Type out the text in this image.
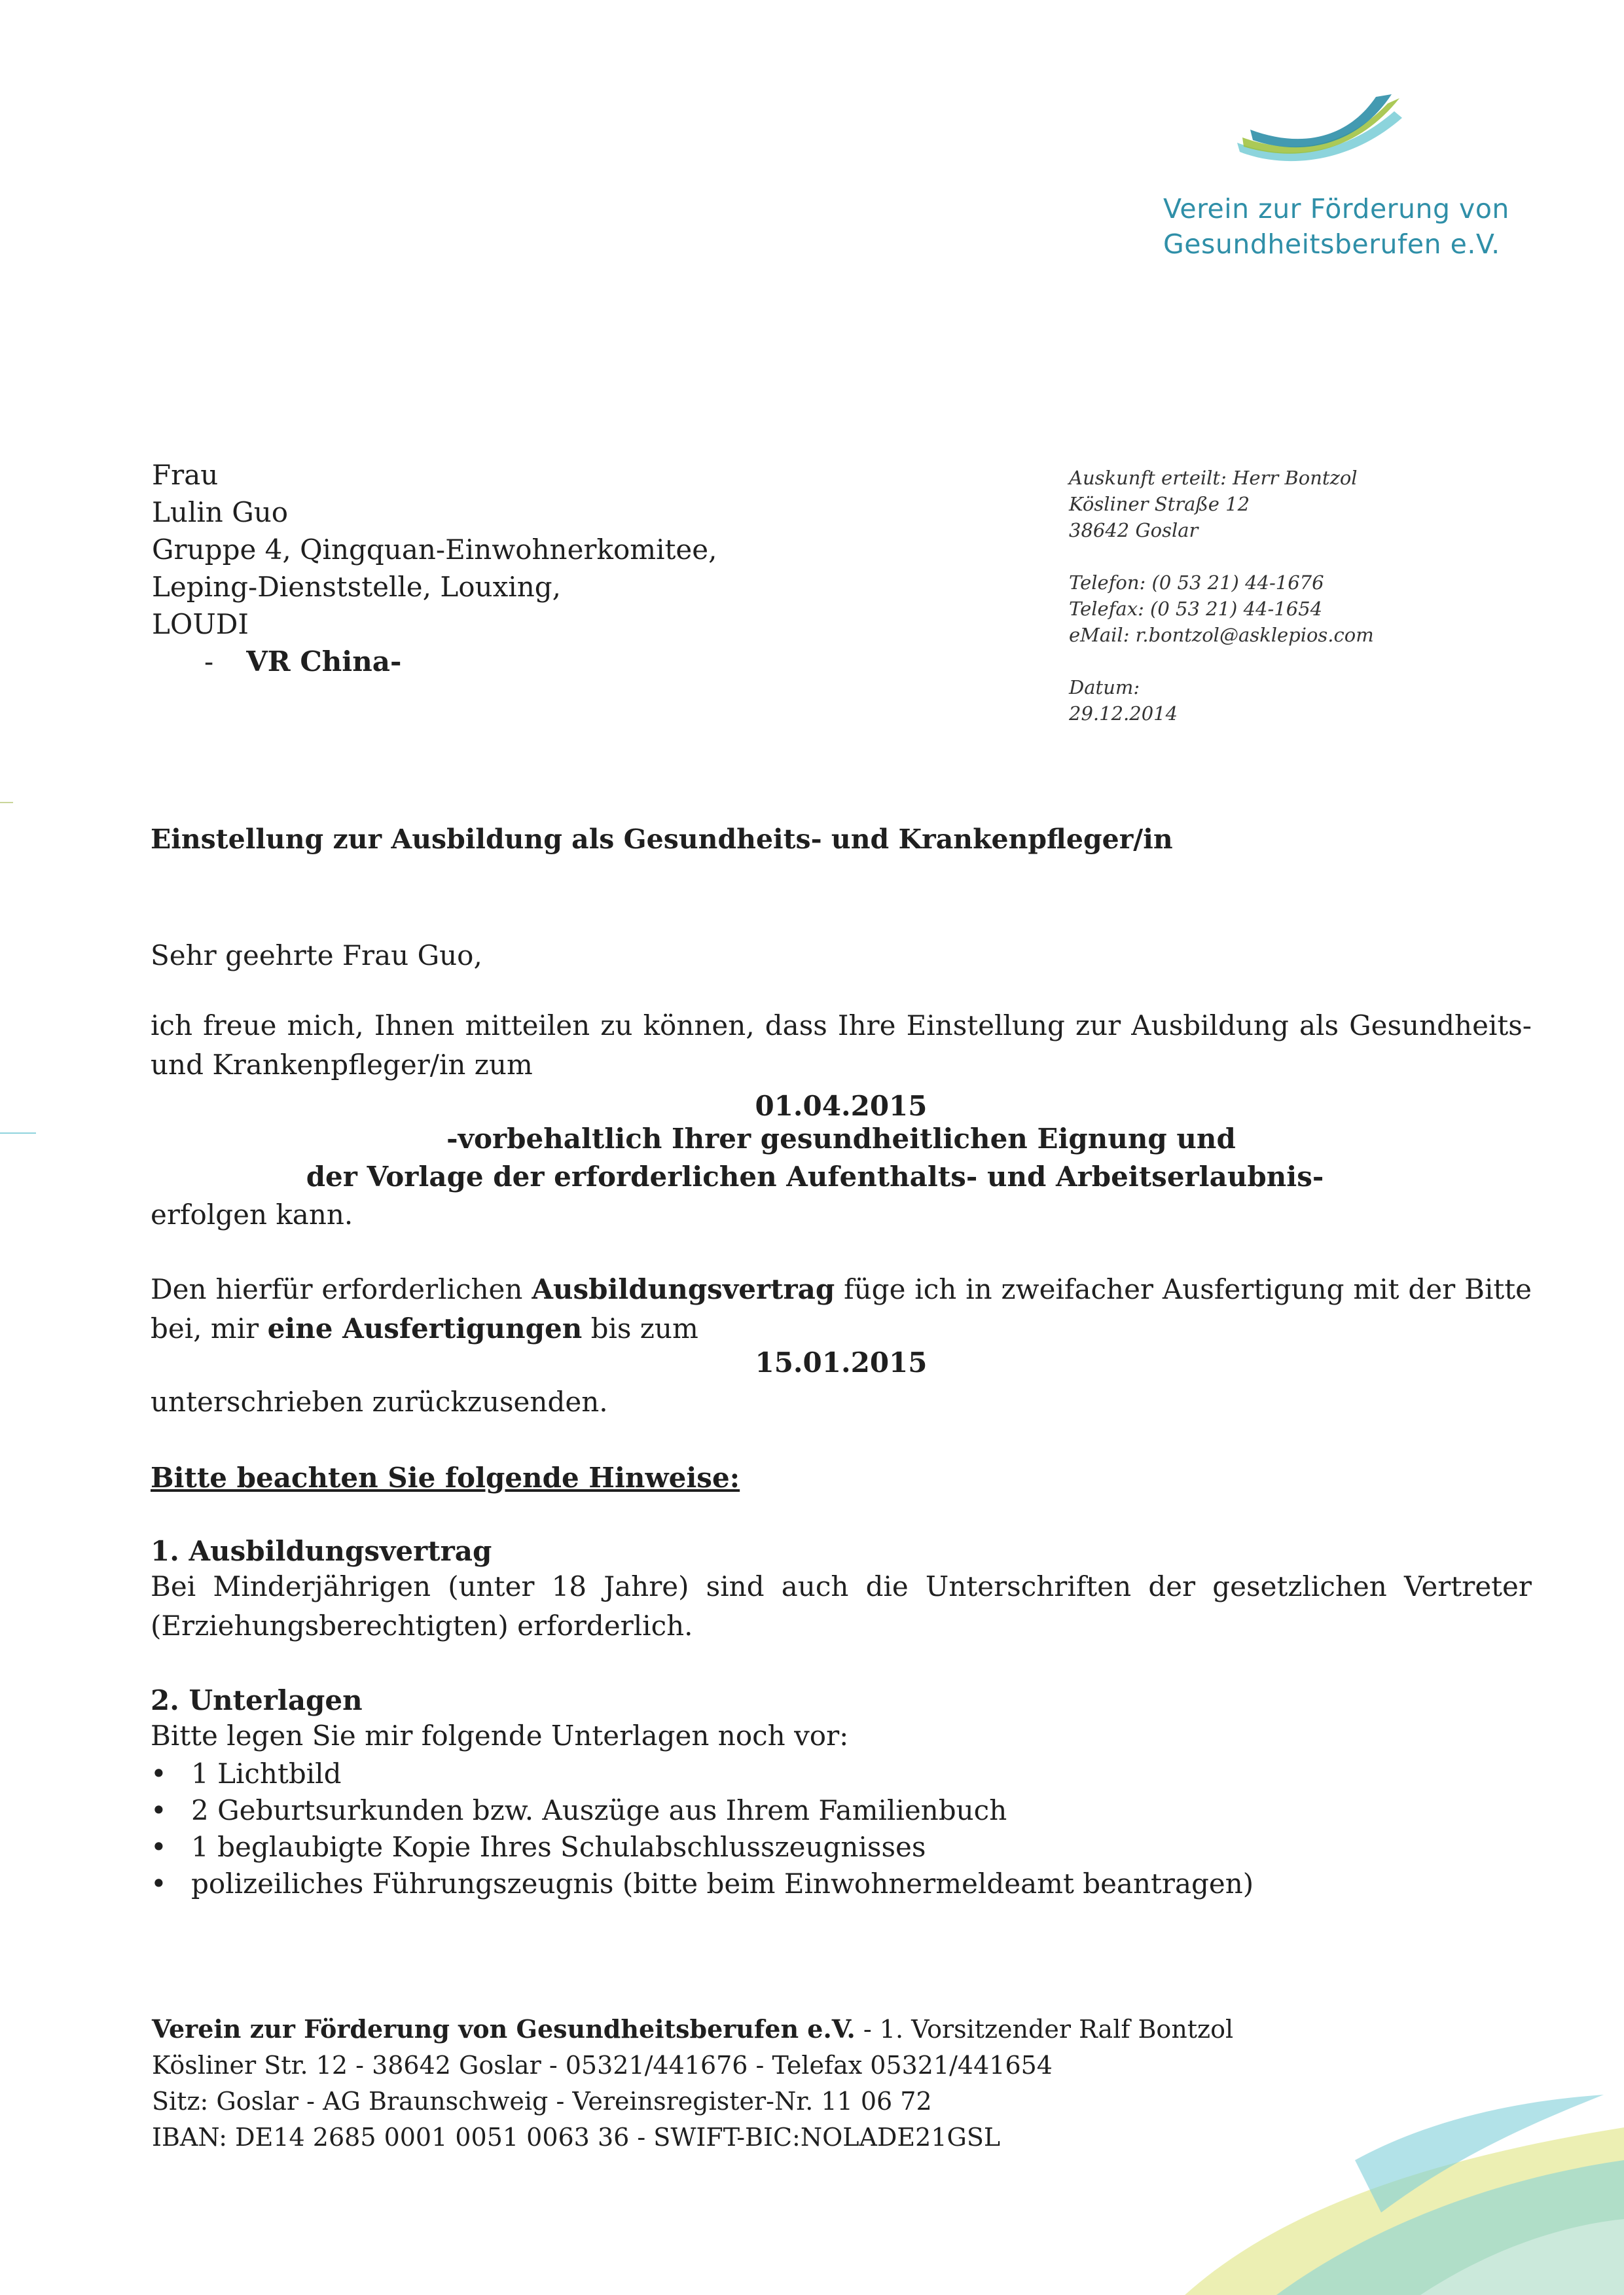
Verein zur Förderung von
Gesundheitsberufen e.V.
Frau
Lulin Guo
Gruppe 4, Qingquan-Einwohnerkomitee,
Leping-Dienststelle, Louxing,
LOUDI
- VR China-
Auskunft erteilt: Herr Bontzol
Kösliner Straße 12
38642 Goslar
Telefon: (0 53 21) 44-1676
Telefax: (0 53 21) 44-1654
eMail: r.bontzol@asklepios.com
Datum:
29.12.2014
Einstellung zur Ausbildung als Gesundheits- und Krankenpfleger/in
Sehr geehrte Frau Guo,
ich freue mich, Ihnen mitteilen zu können, dass Ihre Einstellung zur Ausbildung als Gesundheits- und Krankenpfleger/in zum
01.04.2015
-vorbehaltlich Ihrer gesundheitlichen Eignung und
der Vorlage der erforderlichen Aufenthalts- und Arbeitserlaubnis-
erfolgen kann.
Den hierfür erforderlichen Ausbildungsvertrag füge ich in zweifacher Ausfertigung mit der Bitte bei, mir eine Ausfertigungen bis zum
15.01.2015
unterschrieben zurückzusenden.
Bitte beachten Sie folgende Hinweise:
1. Ausbildungsvertrag
Bei Minderjährigen (unter 18 Jahre) sind auch die Unterschriften der gesetzlichen Vertreter (Erziehungsberechtigten) erforderlich.
2. Unterlagen
Bitte legen Sie mir folgende Unterlagen noch vor:
• 1 Lichtbild
• 2 Geburtsurkunden bzw. Auszüge aus Ihrem Familienbuch
• 1 beglaubigte Kopie Ihres Schulabschlusszeugnisses
• polizeiliches Führungszeugnis (bitte beim Einwohnermeldeamt beantragen)
Verein zur Förderung von Gesundheitsberufen e.V. - 1. Vorsitzender Ralf Bontzol
Kösliner Str. 12 - 38642 Goslar - 05321/441676 - Telefax 05321/441654
Sitz: Goslar - AG Braunschweig - Vereinsregister-Nr. 11 06 72
IBAN: DE14 2685 0001 0051 0063 36 - SWIFT-BIC:NOLADE21GSL
